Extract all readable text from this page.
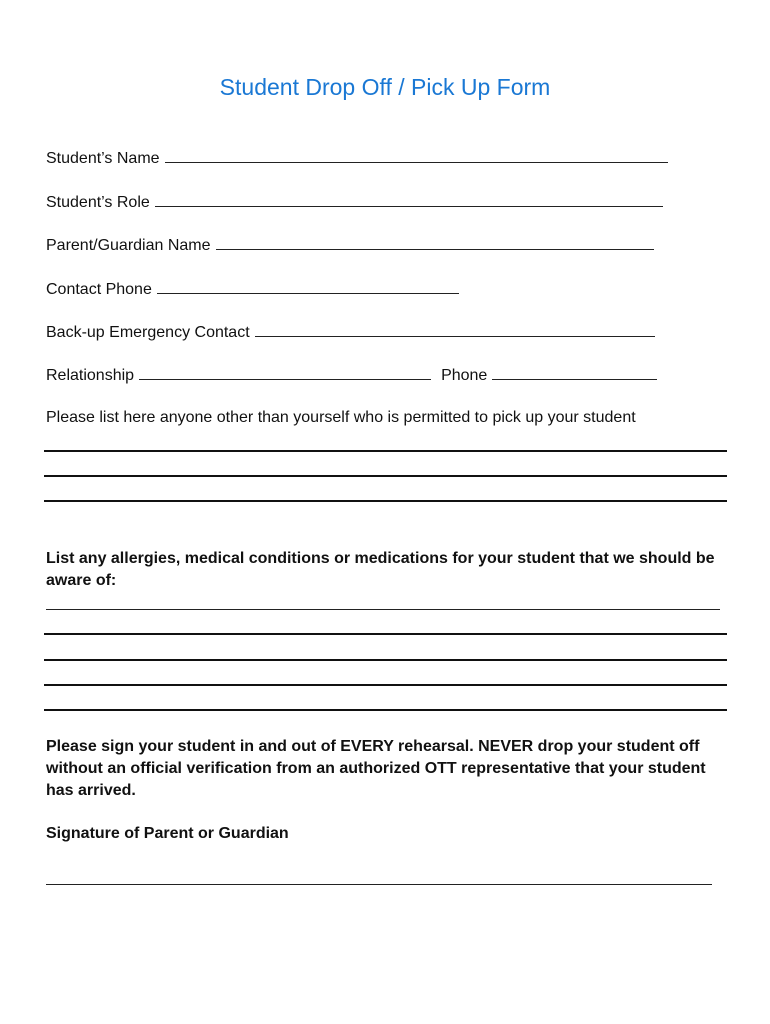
Student Drop Off / Pick Up Form
Student’s Name
Student’s Role
Parent/Guardian Name
Contact Phone
Back-up Emergency Contact
Relationship	Phone
Please list here anyone other than yourself who is permitted to pick up your student
List any allergies, medical conditions or medications for your student that we should be aware of:
Please sign your student in and out of EVERY rehearsal. NEVER drop your student off without an official verification from an authorized OTT representative that your student has arrived.
Signature of Parent or Guardian
